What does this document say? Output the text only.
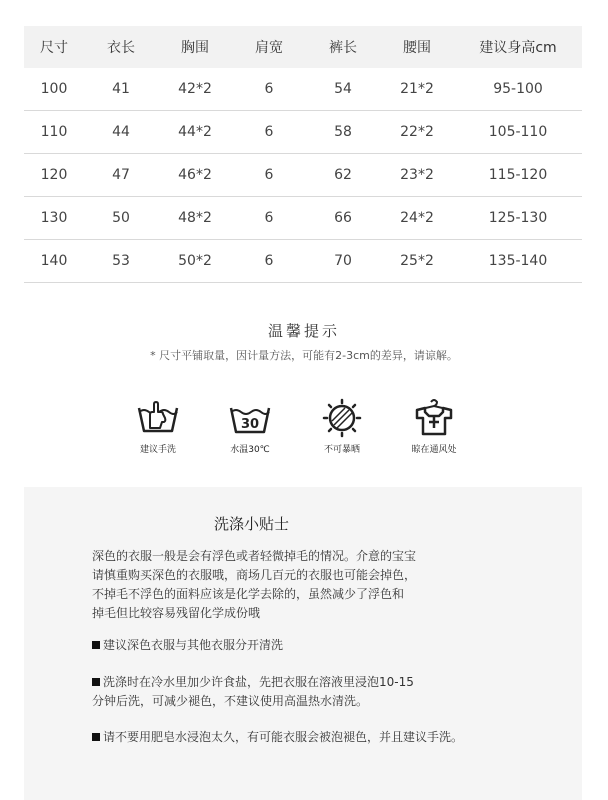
尺寸	衣长	胸围	肩宽	裤长	腰围	建议身高cm
100	41	42*2	6	54	21*2	95-100
110	44	44*2	6	58	22*2	105-110
120	47	46*2	6	62	23*2	115-120
130	50	48*2	6	66	24*2	125-130
140	53	50*2	6	70	25*2	135-140
温馨提示
* 尺寸平铺取量，因计量方法，可能有2-3cm的差异，请谅解。
建议手洗
30
水温30℃	不可暴晒	晾在通风处
洗涤小贴士
深色的衣服一般是会有浮色或者轻微掉毛的情况。介意的宝宝
请慎重购买深色的衣服哦，商场几百元的衣服也可能会掉色，
不掉毛不浮色的面料应该是化学去除的，虽然减少了浮色和
掉毛但比较容易残留化学成份哦
建议深色衣服与其他衣服分开清洗
洗涤时在冷水里加少许食盐，先把衣服在溶液里浸泡10-15
分钟后洗，可减少褪色，不建议使用高温热水清洗。
请不要用肥皂水浸泡太久，有可能衣服会被泡褪色，并且建议手洗。
